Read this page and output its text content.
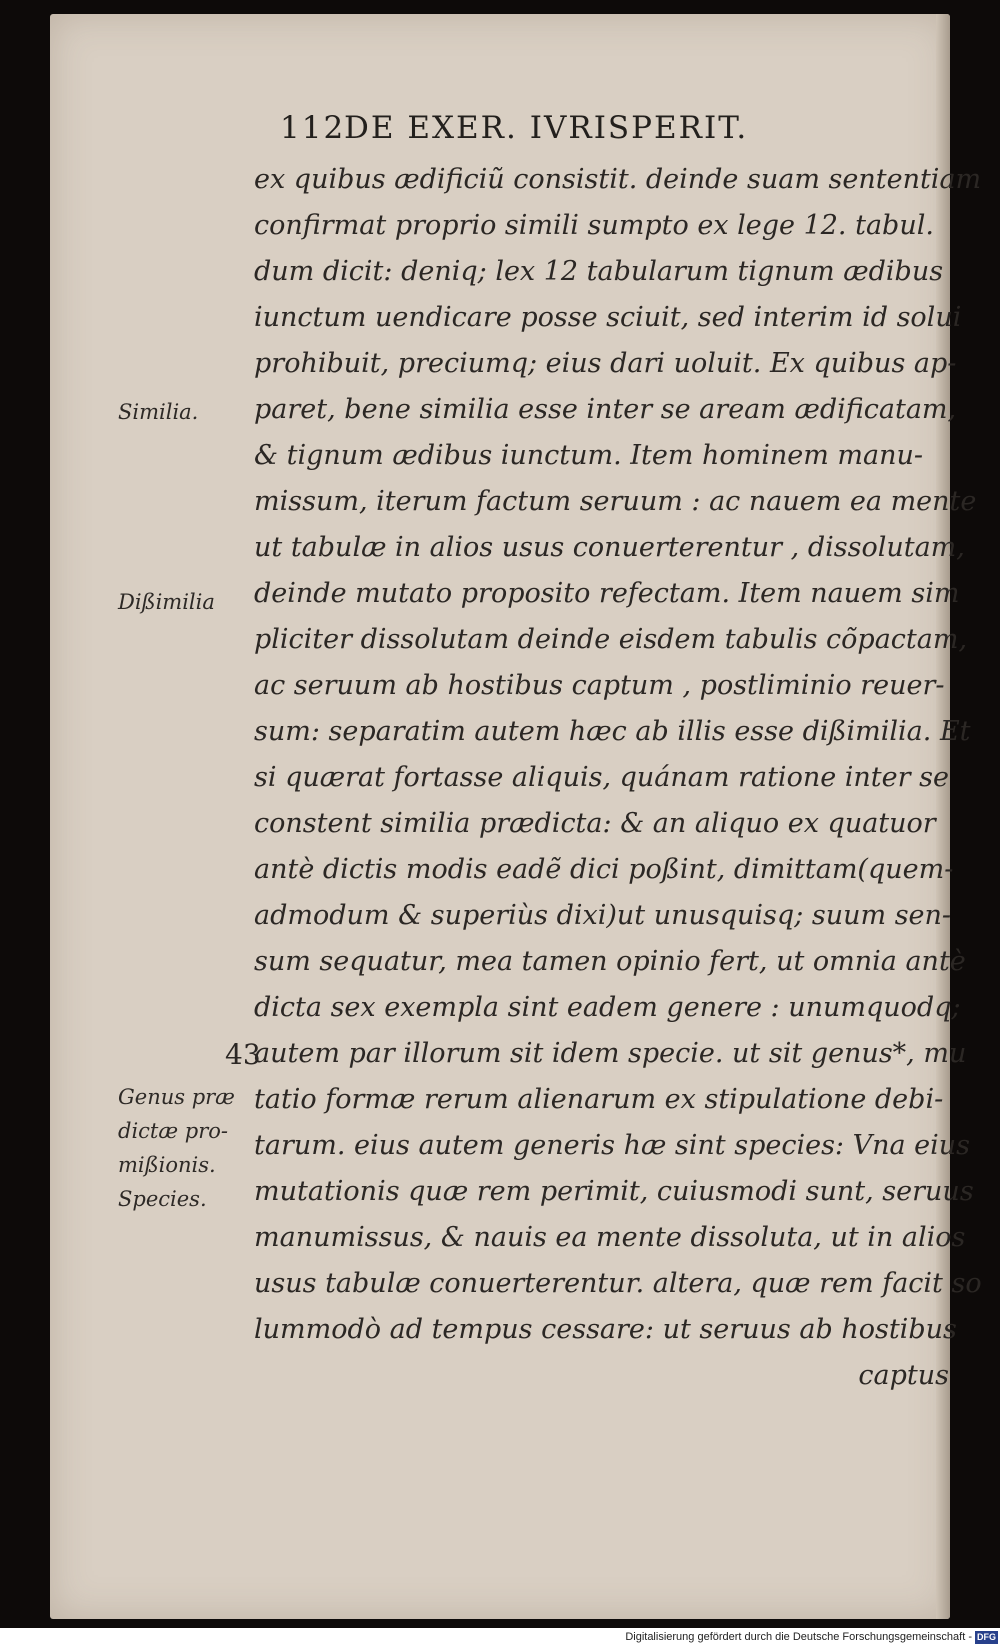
112DE EXER. IVRISPERIT.
ex quibus ædificiũ consistit. deinde suam sententiam
confirmat proprio simili sumpto ex lege 12. tabul.
dum dicit: deniq; lex 12 tabularum tignum ædibus
iunctum uendicare posse sciuit, sed interim id solui
prohibuit, preciumq; eius dari uoluit. Ex quibus ap-
paret, bene similia esse inter se aream ædificatam,
& tignum ædibus iunctum. Item hominem manu-
missum, iterum factum seruum : ac nauem ea mente
ut tabulæ in alios usus conuerterentur , dissolutam,
deinde mutato proposito refectam. Item nauem sim
pliciter dissolutam deinde eisdem tabulis cõpactam,
ac seruum ab hostibus captum , postliminio reuer-
sum: separatim autem hæc ab illis esse dißimilia. Et
si quærat fortasse aliquis, quánam ratione inter se
constent similia prædicta: & an aliquo ex quatuor
antè dictis modis eadẽ dici poßint, dimittam(quem-
admodum & superiùs dixi)ut unusquisq; suum sen-
sum sequatur, mea tamen opinio fert, ut omnia antè
dicta sex exempla sint eadem genere : unumquodq;
autem par illorum sit idem specie. ut sit genus*, mu
tatio formæ rerum alienarum ex stipulatione debi-
tarum. eius autem generis hæ sint species: Vna eius
mutationis quæ rem perimit, cuiusmodi sunt, seruus
manumissus, & nauis ea mente dissoluta, ut in alios
usus tabulæ conuerterentur. altera, quæ rem facit so
lummodò ad tempus cessare: ut seruus ab hostibus
captus
Similia.
Dißimilia
43
Genus præ
dictæ pro-
mißionis.
Species.
Digitalisierung gefördert durch die Deutsche Forschungsgemeinschaft - DFG
